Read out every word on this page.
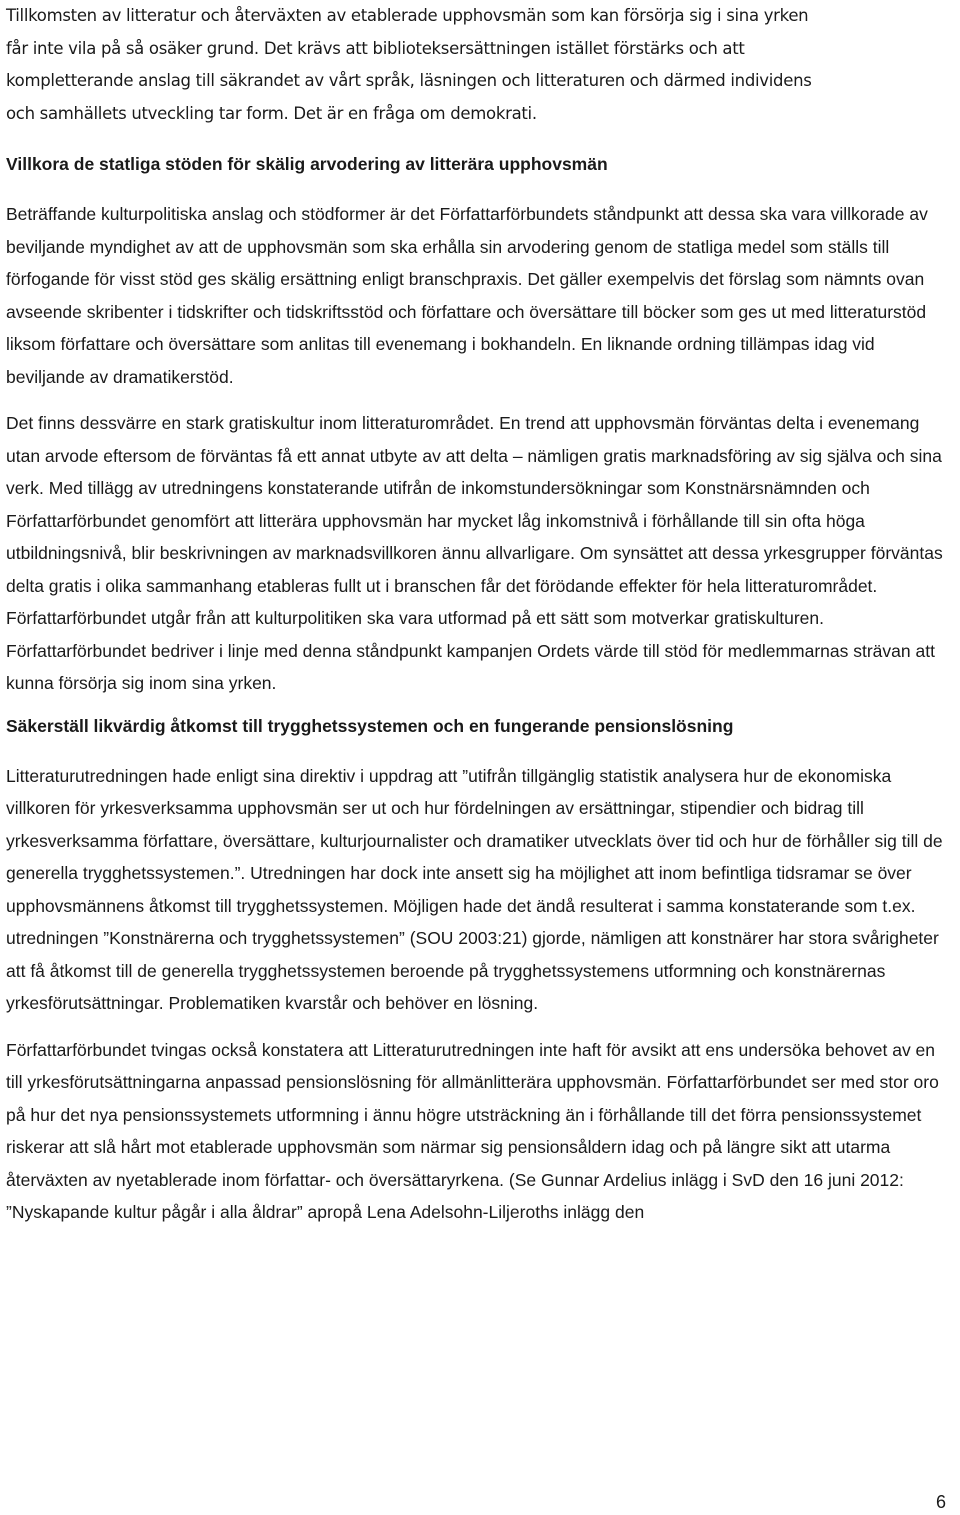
Tillkomsten av litteratur och återväxten av etablerade upphovsmän som kan försörja sig i sina yrken
får inte vila på så osäker grund. Det krävs att biblioteksersättningen istället förstärks och att
kompletterande anslag till säkrandet av vårt språk, läsningen och litteraturen och därmed individens
och samhällets utveckling tar form. Det är en fråga om demokrati.
Villkora de statliga stöden för skälig arvodering av litterära upphovsmän

Beträffande kulturpolitiska anslag och stödformer är det Författarförbundets ståndpunkt att dessa ska vara villkorade av beviljande myndighet av att de upphovsmän som ska erhålla sin arvodering genom de statliga medel som ställs till förfogande för visst stöd ges skälig ersättning enligt branschpraxis. Det gäller exempelvis det förslag som nämnts ovan avseende skribenter i tidskrifter och tidskriftsstöd och författare och översättare till böcker som ges ut med litteraturstöd liksom författare och översättare som anlitas till evenemang i bokhandeln. En liknande ordning tillämpas idag vid beviljande av dramatikerstöd.

Det finns dessvärre en stark gratiskultur inom litteraturområdet. En trend att upphovsmän förväntas delta i evenemang utan arvode eftersom de förväntas få ett annat utbyte av att delta – nämligen gratis marknadsföring av sig själva och sina verk. Med tillägg av utredningens konstaterande utifrån de inkomstundersökningar som Konstnärsnämnden och Författarförbundet genomfört att litterära upphovsmän har mycket låg inkomstnivå i förhållande till sin ofta höga utbildningsnivå, blir beskrivningen av marknadsvillkoren ännu allvarligare. Om synsättet att dessa yrkesgrupper förväntas delta gratis i olika sammanhang etableras fullt ut i branschen får det förödande effekter för hela litteraturområdet. Författarförbundet utgår från att kulturpolitiken ska vara utformad på ett sätt som motverkar gratiskulturen. Författarförbundet bedriver i linje med denna ståndpunkt kampanjen Ordets värde till stöd för medlemmarnas strävan att kunna försörja sig inom sina yrken.

Säkerställ likvärdig åtkomst till trygghetssystemen och en fungerande pensionslösning

Litteraturutredningen hade enligt sina direktiv i uppdrag att ”utifrån tillgänglig statistik analysera hur de ekonomiska villkoren för yrkesverksamma upphovsmän ser ut och hur fördelningen av ersättningar, stipendier och bidrag till yrkesverksamma författare, översättare, kulturjournalister och dramatiker utvecklats över tid och hur de förhåller sig till de generella trygghetssystemen.”. Utredningen har dock inte ansett sig ha möjlighet att inom befintliga tidsramar se över upphovsmännens åtkomst till trygghetssystemen. Möjligen hade det ändå resulterat i samma konstaterande som t.ex. utredningen ”Konstnärerna och trygghetssystemen” (SOU 2003:21) gjorde, nämligen att konstnärer har stora svårigheter att få åtkomst till de generella trygghetssystemen beroende på trygghetssystemens utformning och konstnärernas yrkesförutsättningar. Problematiken kvarstår och behöver en lösning.

Författarförbundet tvingas också konstatera att Litteraturutredningen inte haft för avsikt att ens undersöka behovet av en till yrkesförutsättningarna anpassad pensionslösning för allmänlitterära upphovsmän. Författarförbundet ser med stor oro på hur det nya pensionssystemets utformning i ännu högre utsträckning än i förhållande till det förra pensionssystemet riskerar att slå hårt mot etablerade upphovsmän som närmar sig pensionsåldern idag och på längre sikt att utarma återväxten av nyetablerade inom författar- och översättaryrkena. (Se Gunnar Ardelius inlägg i SvD den 16 juni 2012: ”Nyskapande kultur pågår i alla åldrar” apropå Lena Adelsohn-Liljeroths inlägg den

6
